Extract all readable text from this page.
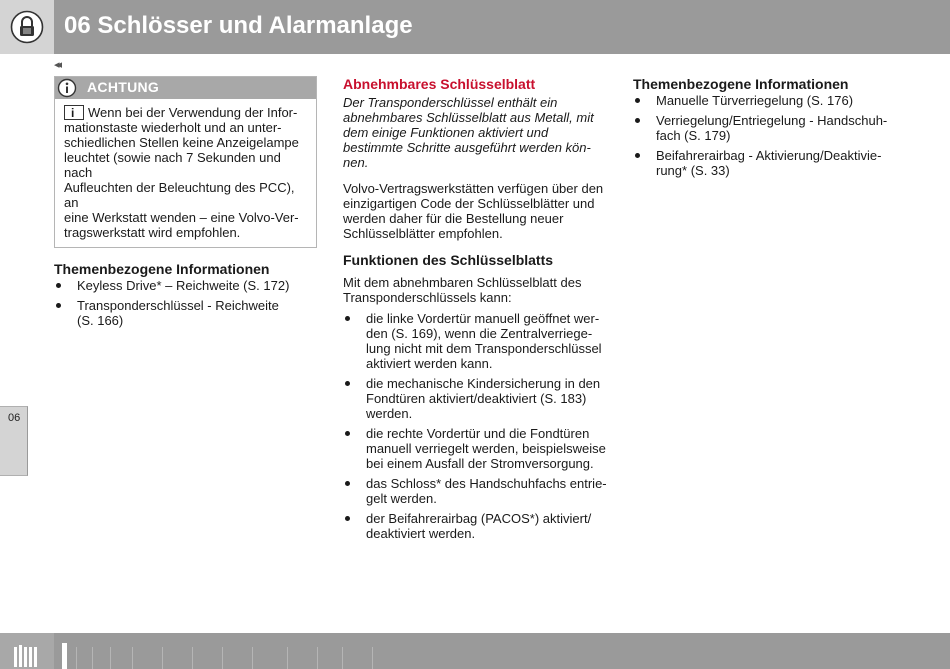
06 Schlösser und Alarmanlage
◂◂
06
ACHTUNG
i Wenn bei der Verwendung der Infor-
mationstaste wiederholt und an unter-
schiedlichen Stellen keine Anzeigelampe
leuchtet (sowie nach 7 Sekunden und nach
Aufleuchten der Beleuchtung des PCC), an
eine Werkstatt wenden – eine Volvo-Ver-
tragswerkstatt wird empfohlen.
Themenbezogene Informationen
Keyless Drive* – Reichweite (S. 172)
Transponderschlüssel - Reichweite
(S. 166)
Abnehmbares Schlüsselblatt

Der Transponderschlüssel enthält ein
abnehmbares Schlüsselblatt aus Metall, mit
dem einige Funktionen aktiviert und
bestimmte Schritte ausgeführt werden kön-
nen.

Volvo-Vertragswerkstätten verfügen über den
einzigartigen Code der Schlüsselblätter und
werden daher für die Bestellung neuer
Schlüsselblätter empfohlen.

Funktionen des Schlüsselblatts

Mit dem abnehmbaren Schlüsselblatt des
Transponderschlüssels kann:

die linke Vordertür manuell geöffnet wer-
den (S. 169), wenn die Zentralverriege-
lung nicht mit dem Transponderschlüssel
aktiviert werden kann.
die mechanische Kindersicherung in den
Fondtüren aktiviert/deaktiviert (S. 183)
werden.
die rechte Vordertür und die Fondtüren
manuell verriegelt werden, beispielsweise
bei einem Ausfall der Stromversorgung.
das Schloss* des Handschuhfachs entrie-
gelt werden.
der Beifahrerairbag (PACOS*) aktiviert/
deaktiviert werden.
Themenbezogene Informationen
Manuelle Türverriegelung (S. 176)
Verriegelung/Entriegelung - Handschuh-
fach (S. 179)
Beifahrerairbag - Aktivierung/Deaktivie-
rung* (S. 33)
